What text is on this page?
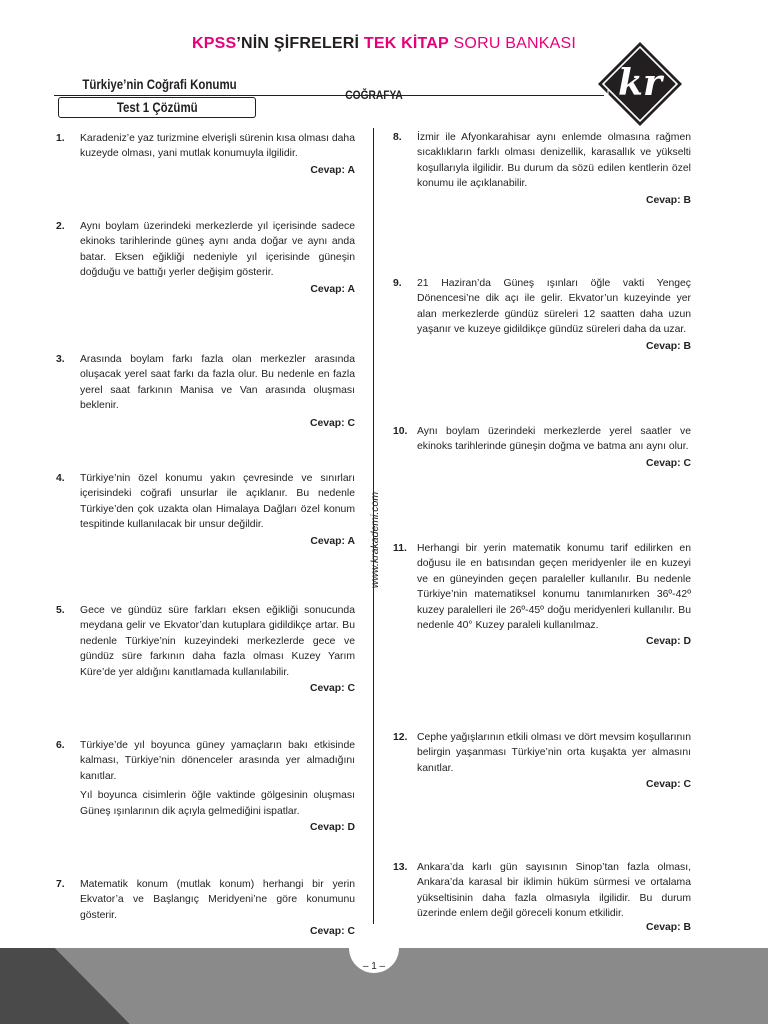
KPSS’NİN ŞİFRELERİ TEK KİTAP SORU BANKASI
Türkiye’nin Coğrafi Konumu
Test 1 Çözümü
COĞRAFYA	kr
www.krakademi.com
1. Karadeniz’e yaz turizmine elverişli sürenin kısa olması daha kuzeyde olması, yani mutlak konumuyla ilgilidir.

Cevap: A
2. Aynı boylam üzerindeki merkezlerde yıl içerisinde sadece ekinoks tarihlerinde güneş aynı anda doğar ve aynı anda batar. Eksen eğikliği nedeniyle yıl içerisinde güneşin doğduğu ve battığı yerler değişim gösterir.

Cevap: A
3. Arasında boylam farkı fazla olan merkezler arasında oluşacak yerel saat farkı da fazla olur. Bu nedenle en fazla yerel saat farkının Manisa ve Van arasında oluşması beklenir.

Cevap: C
4. Türkiye’nin özel konumu yakın çevresinde ve sınırları içerisindeki coğrafi unsurlar ile açıklanır. Bu nedenle Türkiye’den çok uzakta olan Himalaya Dağları özel konum tespitinde kullanılacak bir unsur değildir.

Cevap: A
5. Gece ve gündüz süre farkları eksen eğikliği sonucunda meydana gelir ve Ekvator’dan kutuplara gidildikçe artar. Bu nedenle Türkiye’nin kuzeyindeki merkezlerde gece ve gündüz süre farkının daha fazla olması Kuzey Yarım Küre’de yer aldığını kanıtlamada kullanılabilir.

Cevap: C
6. Türkiye’de yıl boyunca güney yamaçların bakı etkisinde kalması, Türkiye’nin dönenceler arasında yer almadığını kanıtlar.

Yıl boyunca cisimlerin öğle vaktinde gölgesinin oluşması Güneş ışınlarının dik açıyla gelmediğini ispatlar.

Cevap: D
7. Matematik konum (mutlak konum) herhangi bir yerin Ekvator’a ve Başlangıç Meridyeni’ne göre konumunu gösterir.

Cevap: C
8. İzmir ile Afyonkarahisar aynı enlemde olmasına rağmen sıcaklıkların farklı olması denizellik, karasallık ve yükselti koşullarıyla ilgilidir. Bu durum da sözü edilen kentlerin özel konumu ile açıklanabilir.

Cevap: B
9. 21 Haziran’da Güneş ışınları öğle vakti Yengeç Dönencesi’ne dik açı ile gelir. Ekvator’un kuzeyinde yer alan merkezlerde gündüz süreleri 12 saatten daha uzun yaşanır ve kuzeye gidildikçe gündüz süreleri daha da uzar.

Cevap: B
10. Aynı boylam üzerindeki merkezlerde yerel saatler ve ekinoks tarihlerinde güneşin doğma ve batma anı aynı olur.

Cevap: C
11. Herhangi bir yerin matematik konumu tarif edilirken en doğusu ile en batısından geçen meridyenler ile en kuzeyi ve en güneyinden geçen paraleller kullanılır. Bu nedenle Türkiye’nin matematiksel konumu tanımlanırken 36º-42º kuzey paralelleri ile 26º-45º doğu meridyenleri kullanılır. Bu nedenle 40° Kuzey paraleli kullanılmaz.

Cevap: D
12. Cephe yağışlarının etkili olması ve dört mevsim koşullarının belirgin yaşanması Türkiye’nin orta kuşakta yer almasını kanıtlar.

Cevap: C
13. Ankara’da karlı gün sayısının Sinop’tan fazla olması, Ankara’da karasal bir iklimin hüküm sürmesi ve ortalama yükseltisinin daha fazla olmasıyla ilgilidir. Bu durum üzerinde enlem değil göreceli konum etkilidir.

Cevap: B
– 1 –
